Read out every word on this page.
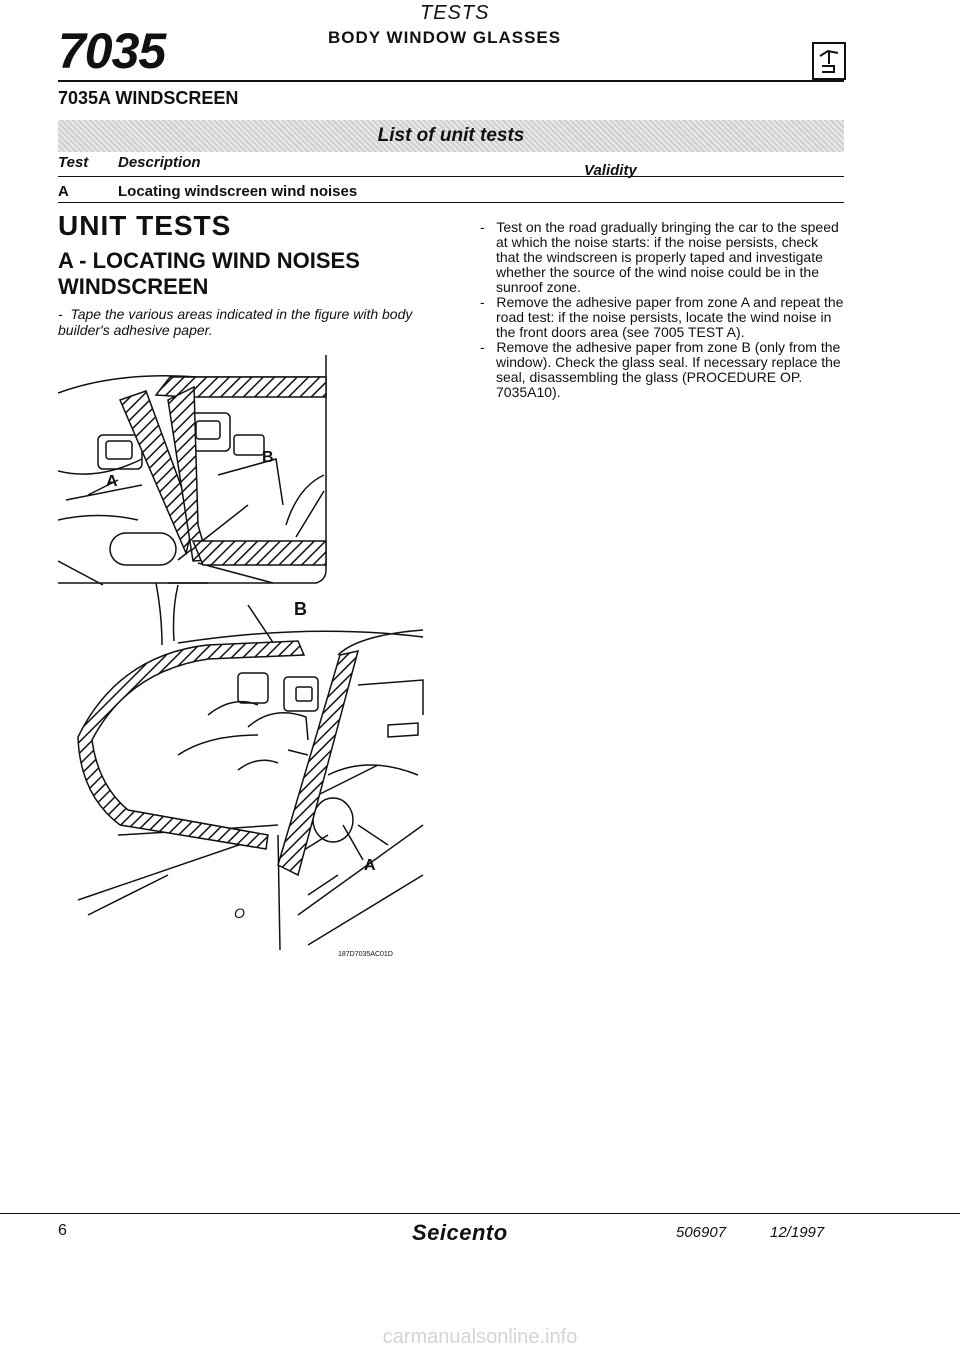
7035
TESTS
BODY WINDOW GLASSES
7035A WINDSCREEN
List of unit tests
Test Description	Validity
A	Locating windscreen wind noises
UNIT TESTS
A - LOCATING WIND NOISES WINDSCREEN
-  Tape the various areas indicated in the figure with body builder's adhesive paper.
A
B
B
A
O
187D7035AC01D

-   Test on the road gradually bringing the car to the speed at which the noise starts: if the noise persists, check that the windscreen is properly taped and investigate whether the source of the wind noise could be in the sunroof zone.

-   Remove the adhesive paper from zone A and repeat the road test: if the noise persists, locate the wind noise in the front doors area (see 7005 TEST A).

-   Remove the adhesive paper from zone B (only from the window). Check the glass seal. If necessary replace the seal, disassembling the glass (PROCEDURE OP. 7035A10).

6	Seicento	506907	12/1997
carmanualsonline.info
